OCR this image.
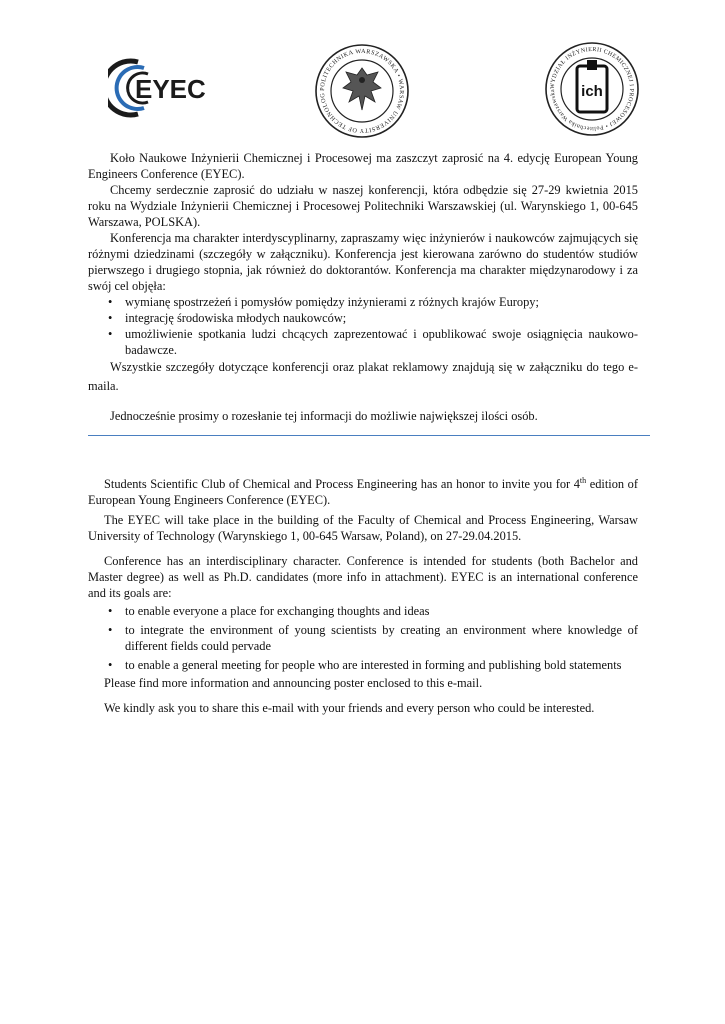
EYEC	POLITECHNIKA WARSZAWSKA • WARSAW UNIVERSITY OF TECHNOLOG
WYDZIAŁ INŻYNIERII CHEMICZNEJ I PROCESOWEJ • Politechnika Warszawska	ich

Koło Naukowe Inżynierii Chemicznej i Procesowej ma zaszczyt zaprosić na 4. edycję European Young Engineers Conference (EYEC).

Chcemy serdecznie zaprosić do udziału w naszej konferencji, która odbędzie się 27-29 kwietnia 2015 roku na Wydziale Inżynierii Chemicznej i Procesowej Politechniki Warszawskiej (ul. Warynskiego 1, 00-645 Warszawa, POLSKA).

Konferencja ma charakter interdyscyplinarny, zapraszamy więc inżynierów i naukowców zajmujących się różnymi dziedzinami (szczegóły w załączniku). Konferencja jest kierowana zarówno do studentów studiów pierwszego i drugiego stopnia, jak również do doktorantów. Konferencja ma charakter międzynarodowy i za swój cel objęła:

• wymianę spostrzeżeń i pomysłów pomiędzy inżynierami z różnych krajów Europy;
• integrację środowiska młodych naukowców;
• umożliwienie spotkania ludzi chcących zaprezentować i opublikować swoje osiągnięcia naukowo-badawcze.

Wszystkie szczegóły dotyczące konferencji oraz plakat reklamowy znajdują się w załączniku do tego e-maila.

Jednocześnie prosimy o rozesłanie tej informacji do możliwie największej ilości osób.

Students Scientific Club of Chemical and Process Engineering has an honor to invite you for 4th edition of European Young Engineers Conference (EYEC).

The EYEC will take place in the building of the Faculty of Chemical and Process Engineering, Warsaw University of Technology (Warynskiego 1, 00-645 Warsaw, Poland), on 27-29.04.2015.

Conference has an interdisciplinary character. Conference is intended for students (both Bachelor and Master degree) as well as Ph.D. candidates (more info in attachment). EYEC is an international conference and its goals are:

• to enable everyone a place for exchanging thoughts and ideas
• to integrate the environment of young scientists by creating an environment where knowledge of different fields could pervade
• to enable a general meeting for people who are interested in forming and publishing bold statements

Please find more information and announcing poster enclosed to this e-mail.

We kindly ask you to share this e-mail with your friends and every person who could be interested.
